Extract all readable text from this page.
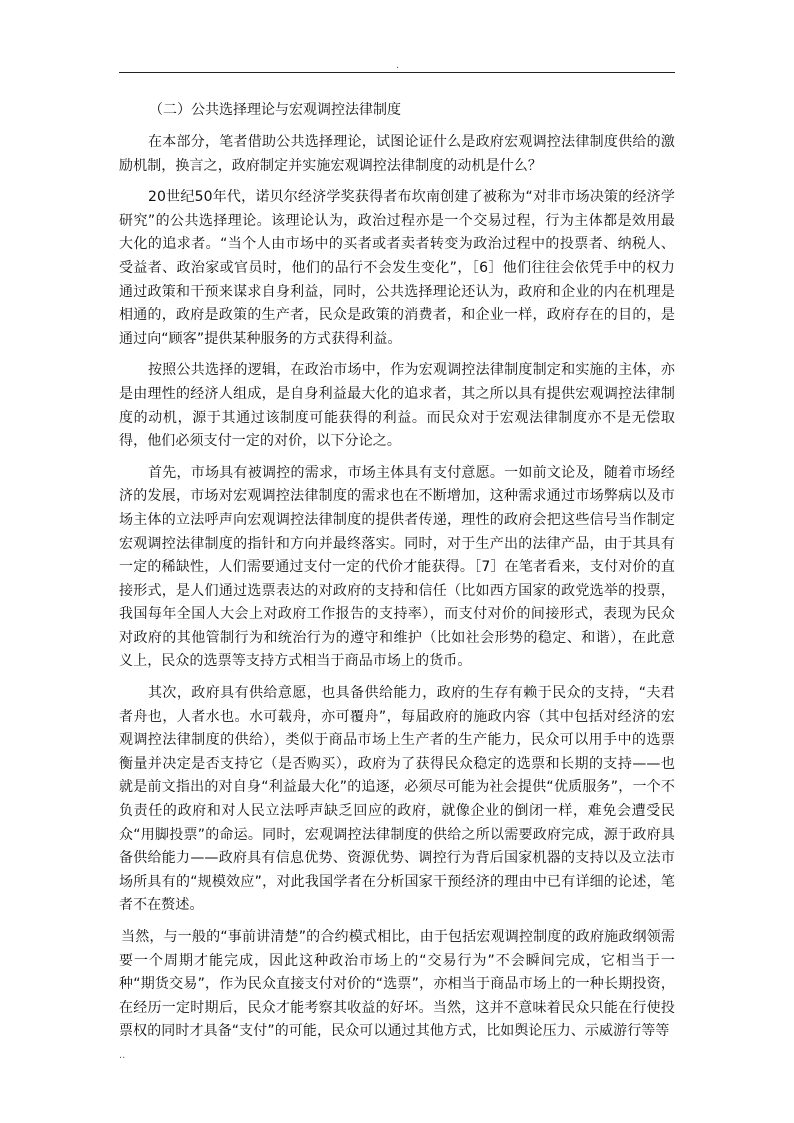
.

（二）公共选择理论与宏观调控法律制度

在本部分，笔者借助公共选择理论，试图论证什么是政府宏观调控法律制度供给的激励机制，换言之，政府制定并实施宏观调控法律制度的动机是什么？

20世纪50年代，诺贝尔经济学奖获得者布坎南创建了被称为“对非市场决策的经济学研究”的公共选择理论。该理论认为，政治过程亦是一个交易过程，行为主体都是效用最大化的追求者。“当个人由市场中的买者或者卖者转变为政治过程中的投票者、纳税人、受益者、政治家或官员时，他们的品行不会发生变化”，［6］他们往往会依凭手中的权力通过政策和干预来谋求自身利益，同时，公共选择理论还认为，政府和企业的内在机理是相通的，政府是政策的生产者，民众是政策的消费者，和企业一样，政府存在的目的，是通过向“顾客”提供某种服务的方式获得利益。

按照公共选择的逻辑，在政治市场中，作为宏观调控法律制度制定和实施的主体，亦是由理性的经济人组成，是自身利益最大化的追求者，其之所以具有提供宏观调控法律制度的动机，源于其通过该制度可能获得的利益。而民众对于宏观法律制度亦不是无偿取得，他们必须支付一定的对价，以下分论之。

首先，市场具有被调控的需求，市场主体具有支付意愿。一如前文论及，随着市场经济的发展，市场对宏观调控法律制度的需求也在不断增加，这种需求通过市场弊病以及市场主体的立法呼声向宏观调控法律制度的提供者传递，理性的政府会把这些信号当作制定宏观调控法律制度的指针和方向并最终落实。同时，对于生产出的法律产品，由于其具有一定的稀缺性，人们需要通过支付一定的代价才能获得。［7］在笔者看来，支付对价的直接形式，是人们通过选票表达的对政府的支持和信任（比如西方国家的政党选举的投票，我国每年全国人大会上对政府工作报告的支持率），而支付对价的间接形式，表现为民众对政府的其他管制行为和统治行为的遵守和维护（比如社会形势的稳定、和谐），在此意义上，民众的选票等支持方式相当于商品市场上的货币。

其次，政府具有供给意愿，也具备供给能力，政府的生存有赖于民众的支持，“夫君者舟也，人者水也。水可载舟，亦可覆舟”，每届政府的施政内容（其中包括对经济的宏观调控法律制度的供给），类似于商品市场上生产者的生产能力，民众可以用手中的选票衡量并决定是否支持它（是否购买），政府为了获得民众稳定的选票和长期的支持——也就是前文指出的对自身“利益最大化”的追逐，必须尽可能为社会提供“优质服务”，一个不负责任的政府和对人民立法呼声缺乏回应的政府，就像企业的倒闭一样，难免会遭受民众“用脚投票”的命运。同时，宏观调控法律制度的供给之所以需要政府完成，源于政府具备供给能力——政府具有信息优势、资源优势、调控行为背后国家机器的支持以及立法市场所具有的“规模效应”，对此我国学者在分析国家干预经济的理由中已有详细的论述，笔者不在赘述。

当然，与一般的“事前讲清楚”的合约模式相比，由于包括宏观调控制度的政府施政纲领需要一个周期才能完成，因此这种政治市场上的“交易行为”不会瞬间完成，它相当于一种“期货交易”，作为民众直接支付对价的“选票”，亦相当于商品市场上的一种长期投资，在经历一定时期后，民众才能考察其收益的好坏。当然，这并不意味着民众只能在行使投票权的同时才具备“支付”的可能，民众可以通过其他方式，比如舆论压力、示威游行等等

..
